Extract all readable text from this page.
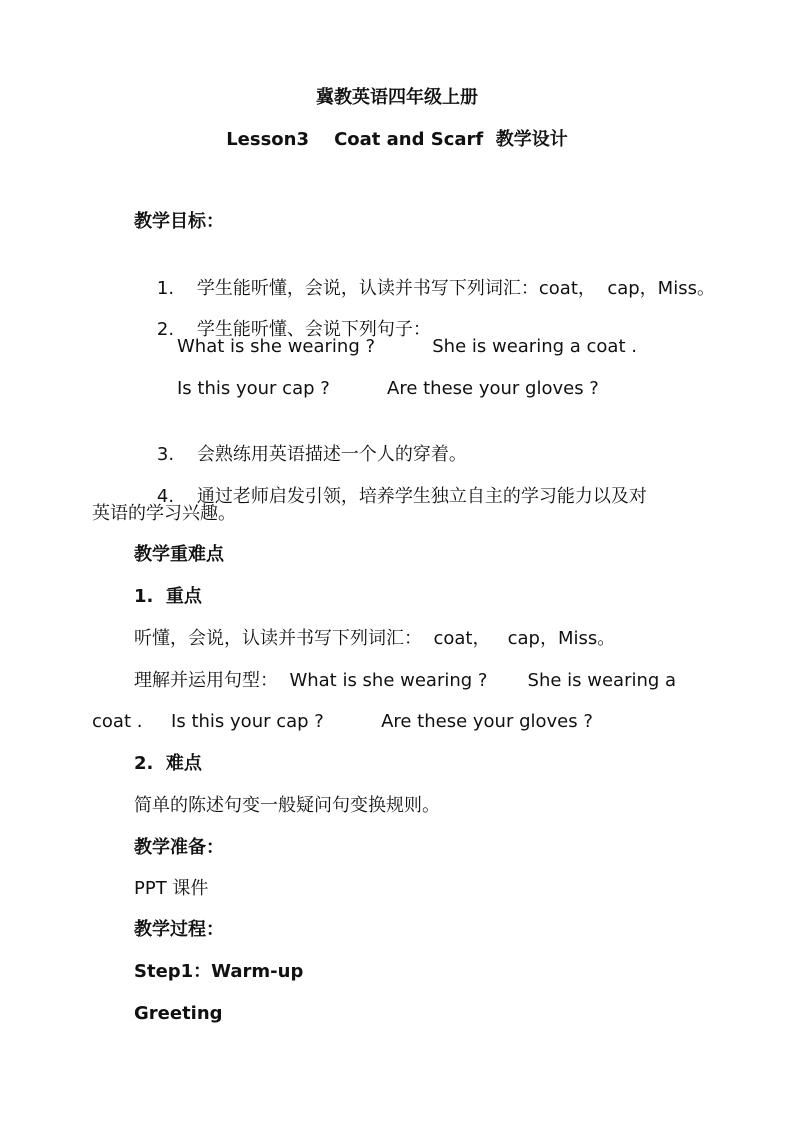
冀教英语四年级上册
Lesson3    Coat and Scarf  教学设计
教学目标：

1. 学生能听懂，会说，认读并书写下列词汇：coat，  cap，Miss。

2. 学生能听懂、会说下列句子：

What is she wearing ?          She is wearing a coat .
Is this your cap ?          Are these your gloves ?

3. 会熟练用英语描述一个人的穿着。

4. 通过老师启发引领，培养学生独立自主的学习能力以及对

英语的学习兴趣。
教学重难点
1.  重点
听懂，会说，认读并书写下列词汇：  coat，   cap，Miss。
理解并运用句型：  What is she wearing ?       She is wearing a
coat .     Is this your cap ?          Are these your gloves ?
2.  难点
简单的陈述句变一般疑问句变换规则。
教学准备：
PPT 课件
教学过程：
Step1：Warm-up
Greeting
